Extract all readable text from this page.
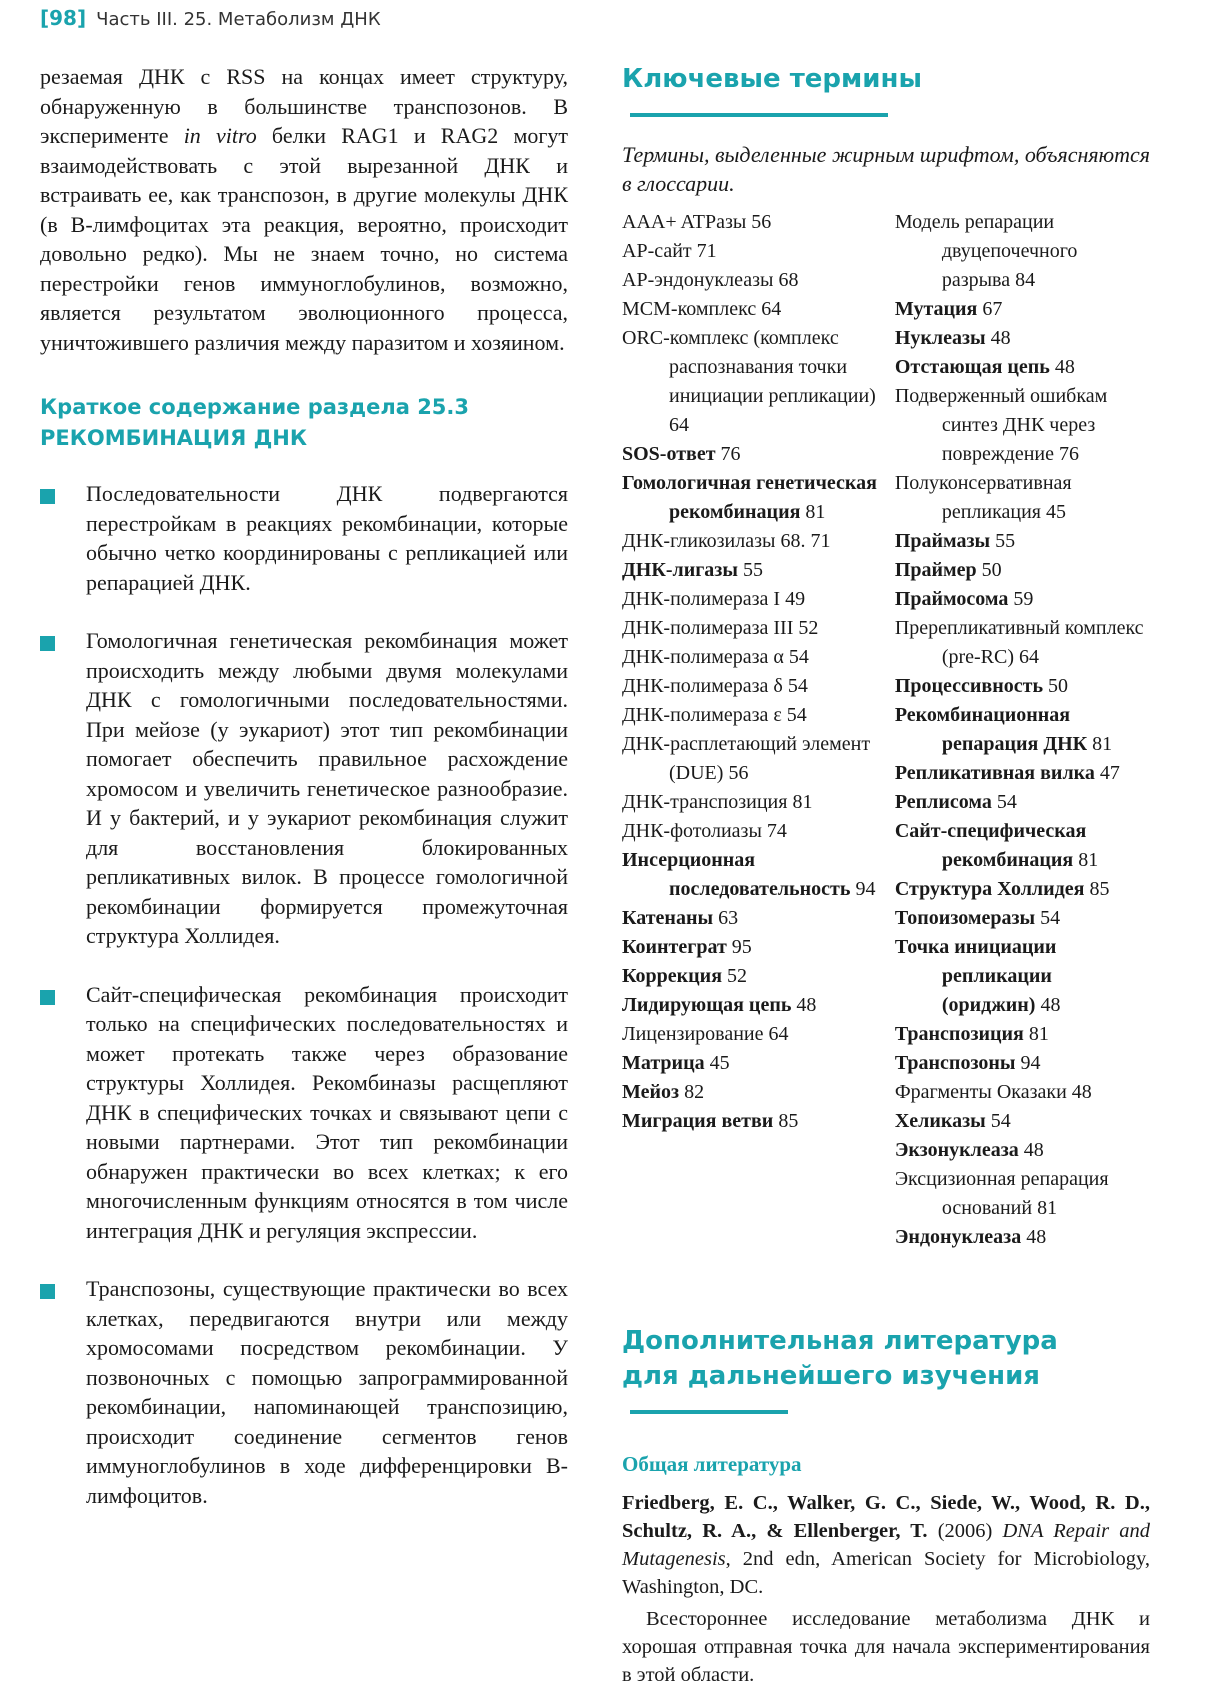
[98] Часть III. 25. Метаболизм ДНК

резаемая ДНК с RSS на концах имеет структуру, обнаруженную в большинстве транспозонов. В эксперименте in vitro белки RAG1 и RAG2 могут взаимодействовать с этой вырезанной ДНК и встраивать ее, как транспозон, в другие молекулы ДНК (в B-лимфоцитах эта реакция, вероятно, происходит довольно редко). Мы не знаем точно, но система перестройки генов иммуноглобулинов, возможно, является результатом эволюционного процесса, уничтожившего различия между паразитом и хозяином.

Краткое содержание раздела 25.3
РЕКОМБИНАЦИЯ ДНК

Последовательности ДНК подвергаются перестройкам в реакциях рекомбинации, которые обычно четко координированы с репликацией или репарацией ДНК.

Гомологичная генетическая рекомбинация может происходить между любыми двумя молекулами ДНК с гомологичными последовательностями. При мейозе (у эукариот) этот тип рекомбинации помогает обеспечить правильное расхождение хромосом и увеличить генетическое разнообразие. И у бактерий, и у эукариот рекомбинация служит для восстановления блокированных репликативных вилок. В процессе гомологичной рекомбинации формируется промежуточная структура Холлидея.

Сайт-специфическая рекомбинация происходит только на специфических последовательностях и может протекать также через образование структуры Холлидея. Рекомбиназы расщепляют ДНК в специфических точках и связывают цепи с новыми партнерами. Этот тип рекомбинации обнаружен практически во всех клетках; к его многочисленным функциям относятся в том числе интеграция ДНК и регуляция экспрессии.

Транспозоны, существующие практически во всех клетках, передвигаются внутри или между хромосомами посредством рекомбинации. У позвоночных с помощью запрограммированной рекомбинации, напоминающей транспозицию, происходит соединение сегментов генов иммуноглобулинов в ходе дифференцировки B-лимфоцитов.

Ключевые термины

Термины, выделенные жирным шрифтом, объясняются в глоссарии.

AAA+ ATPазы 56
AP-сайт 71
AP-эндонуклеазы 68
MCM-комплекс 64
ORC-комплекс (комплекс распознавания точки инициации репликации) 64
SOS-ответ 76
Гомологичная генетическая рекомбинация 81
ДНК-гликозилазы 68. 71
ДНК-лигазы 55
ДНК-полимераза I 49
ДНК-полимераза III 52
ДНК-полимераза α 54
ДНК-полимераза δ 54
ДНК-полимераза ε 54
ДНК-расплетающий элемент (DUE) 56
ДНК-транспозиция 81
ДНК-фотолиазы 74
Инсерционная последовательность 94
Катенаны 63
Коинтеграт 95
Коррекция 52
Лидирующая цепь 48
Лицензирование 64
Матрица 45
Мейоз 82
Миграция ветви 85
Модель репарации двуцепочечного разрыва 84
Мутация 67
Нуклеазы 48
Отстающая цепь 48
Подверженный ошибкам синтез ДНК через повреждение 76
Полуконсервативная репликация 45
Праймазы 55
Праймер 50
Праймосома 59
Пререпликативный комплекс (pre-RC) 64
Процессивность 50
Рекомбинационная репарация ДНК 81
Репликативная вилка 47
Реплисома 54
Сайт-специфическая рекомбинация 81
Структура Холлидея 85
Топоизомеразы 54
Точка инициации репликации (ориджин) 48
Транспозиция 81
Транспозоны 94
Фрагменты Оказаки 48
Хеликазы 54
Экзонуклеаза 48
Эксцизионная репарация оснований 81
Эндонуклеаза 48
Дополнительная литература
для дальнейшего изучения
Общая литература

Friedberg, E. C., Walker, G. C., Siede, W., Wood, R. D., Schultz, R. A., & Ellenberger, T. (2006) DNA Repair and Mutagenesis, 2nd edn, American Society for Microbiology, Washington, DC.

Всестороннее исследование метаболизма ДНК и хорошая отправная точка для начала экспериментирования в этой области.
